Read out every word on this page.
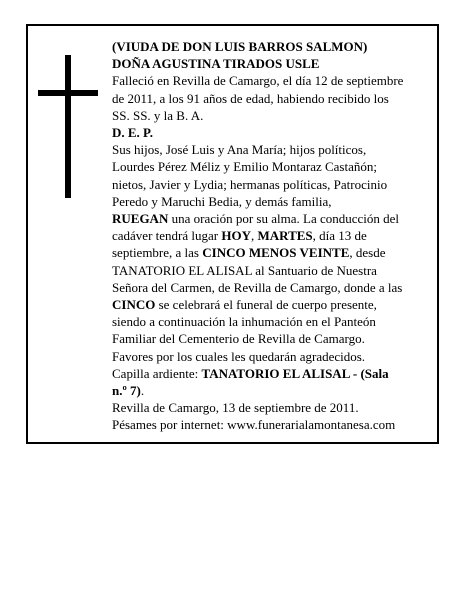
(VIUDA DE DON LUIS BARROS SALMON)
DOÑA AGUSTINA TIRADOS USLE
Falleció en Revilla de Camargo, el día 12 de septiembre
de 2011, a los 91 años de edad, habiendo recibido los
SS. SS. y la B. A.
D. E. P.
Sus hijos, José Luis y Ana María; hijos políticos,
Lourdes Pérez Méliz y Emilio Montaraz Castañón;
nietos, Javier y Lydia; hermanas políticas, Patrocinio
Peredo y Maruchi Bedia, y demás familia,
RUEGAN una oración por su alma. La conducción del
cadáver tendrá lugar HOY, MARTES, día 13 de
septiembre, a las CINCO MENOS VEINTE, desde
TANATORIO EL ALISAL al Santuario de Nuestra
Señora del Carmen, de Revilla de Camargo, donde a las
CINCO se celebrará el funeral de cuerpo presente,
siendo a continuación la inhumación en el Panteón
Familiar del Cementerio de Revilla de Camargo.
Favores por los cuales les quedarán agradecidos.
Capilla ardiente: TANATORIO EL ALISAL - (Sala
n.º 7).
Revilla de Camargo, 13 de septiembre de 2011.
Pésames por internet: www.funerarialamontanesa.com
